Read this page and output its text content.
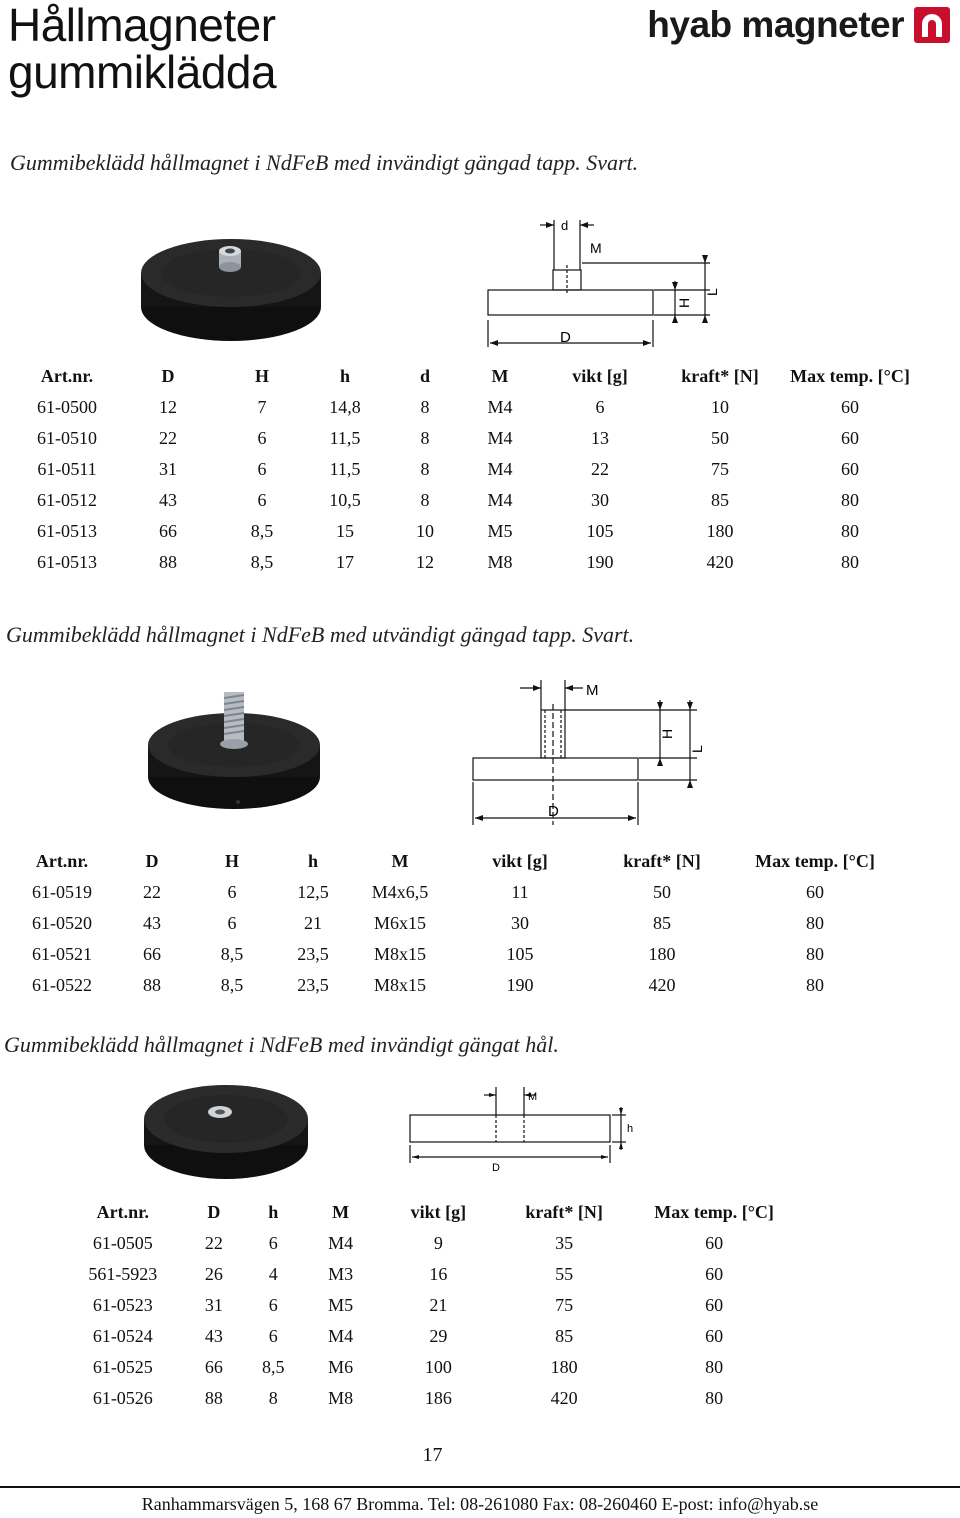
Hållmagneter
gummiklädda
hyab magneter
Gummibeklädd hållmagnet i NdFeB med invändigt gängad tapp. Svart.
d
M
H
L
D
Art.nr.	D	H	h	d	M	vikt [g]	kraft* [N]	Max temp. [°C]
61-0500	12	7	14,8	8	M4	6	10	60
61-0510	22	6	11,5	8	M4	13	50	60
61-0511	31	6	11,5	8	M4	22	75	60
61-0512	43	6	10,5	8	M4	30	85	80
61-0513	66	8,5	15	10	M5	105	180	80
61-0513	88	8,5	17	12	M8	190	420	80
Gummibeklädd hållmagnet i NdFeB med utvändigt gängad tapp. Svart.
M
H
L
D
Art.nr.	D	H	h	M	vikt [g]	kraft* [N]	Max temp. [°C]
61-0519	22	6	12,5	M4x6,5	11	50	60
61-0520	43	6	21	M6x15	30	85	80
61-0521	66	8,5	23,5	M8x15	105	180	80
61-0522	88	8,5	23,5	M8x15	190	420	80
Gummibeklädd hållmagnet i NdFeB med invändigt gängat hål.
M
h
D
Art.nr.	D	h	M	vikt [g]	kraft* [N]	Max temp. [°C]
61-0505	22	6	M4	9	35	60
561-5923	26	4	M3	16	55	60
61-0523	31	6	M5	21	75	60
61-0524	43	6	M4	29	85	60
61-0525	66	8,5	M6	100	180	80
61-0526	88	8	M8	186	420	80
17
Ranhammarsvägen 5, 168 67 Bromma. Tel: 08-261080 Fax: 08-260460 E-post: info@hyab.se
